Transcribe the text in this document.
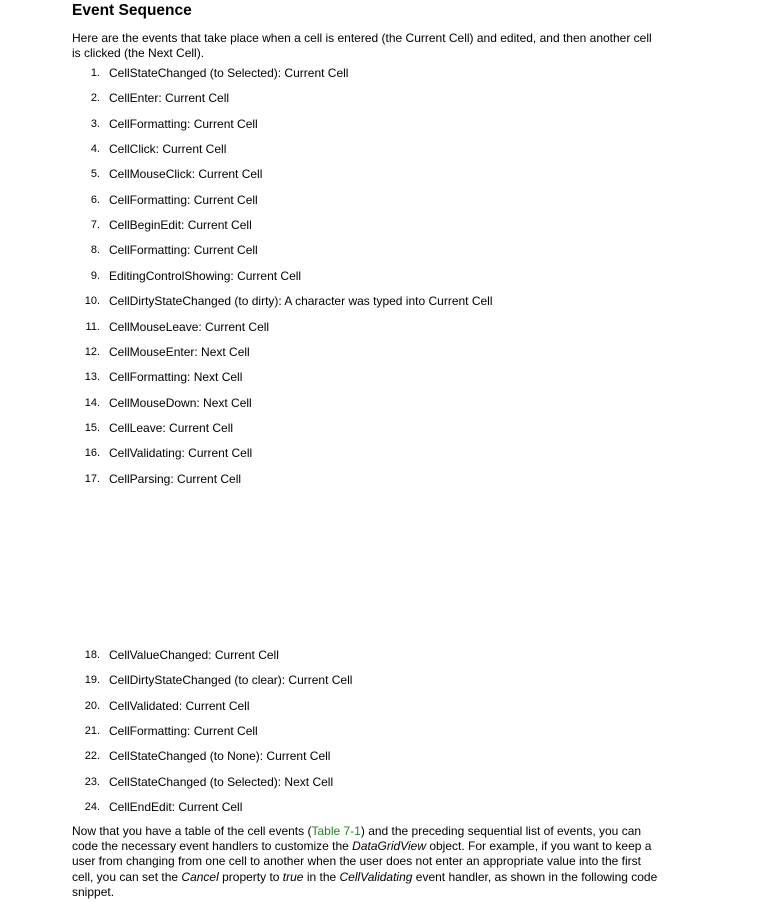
Event Sequence

Here are the events that take place when a cell is entered (the Current Cell) and edited, and then another cell is clicked (the Next Cell).

1. CellStateChanged (to Selected): Current Cell
2. CellEnter: Current Cell
3. CellFormatting: Current Cell
4. CellClick: Current Cell
5. CellMouseClick: Current Cell
6. CellFormatting: Current Cell
7. CellBeginEdit: Current Cell
8. CellFormatting: Current Cell
9. EditingControlShowing: Current Cell
10. CellDirtyStateChanged (to dirty): A character was typed into Current Cell
11. CellMouseLeave: Current Cell
12. CellMouseEnter: Next Cell
13. CellFormatting: Next Cell
14. CellMouseDown: Next Cell
15. CellLeave: Current Cell
16. CellValidating: Current Cell
17. CellParsing: Current Cell
18. CellValueChanged: Current Cell
19. CellDirtyStateChanged (to clear): Current Cell
20. CellValidated: Current Cell
21. CellFormatting: Current Cell
22. CellStateChanged (to None): Current Cell
23. CellStateChanged (to Selected): Next Cell
24. CellEndEdit: Current Cell

Now that you have a table of the cell events (Table 7-1) and the preceding sequential list of events, you can code the necessary event handlers to customize the DataGridView object. For example, if you want to keep a user from changing from one cell to another when the user does not enter an appropriate value into the first cell, you can set the Cancel property to true in the CellValidating event handler, as shown in the following code snippet.
